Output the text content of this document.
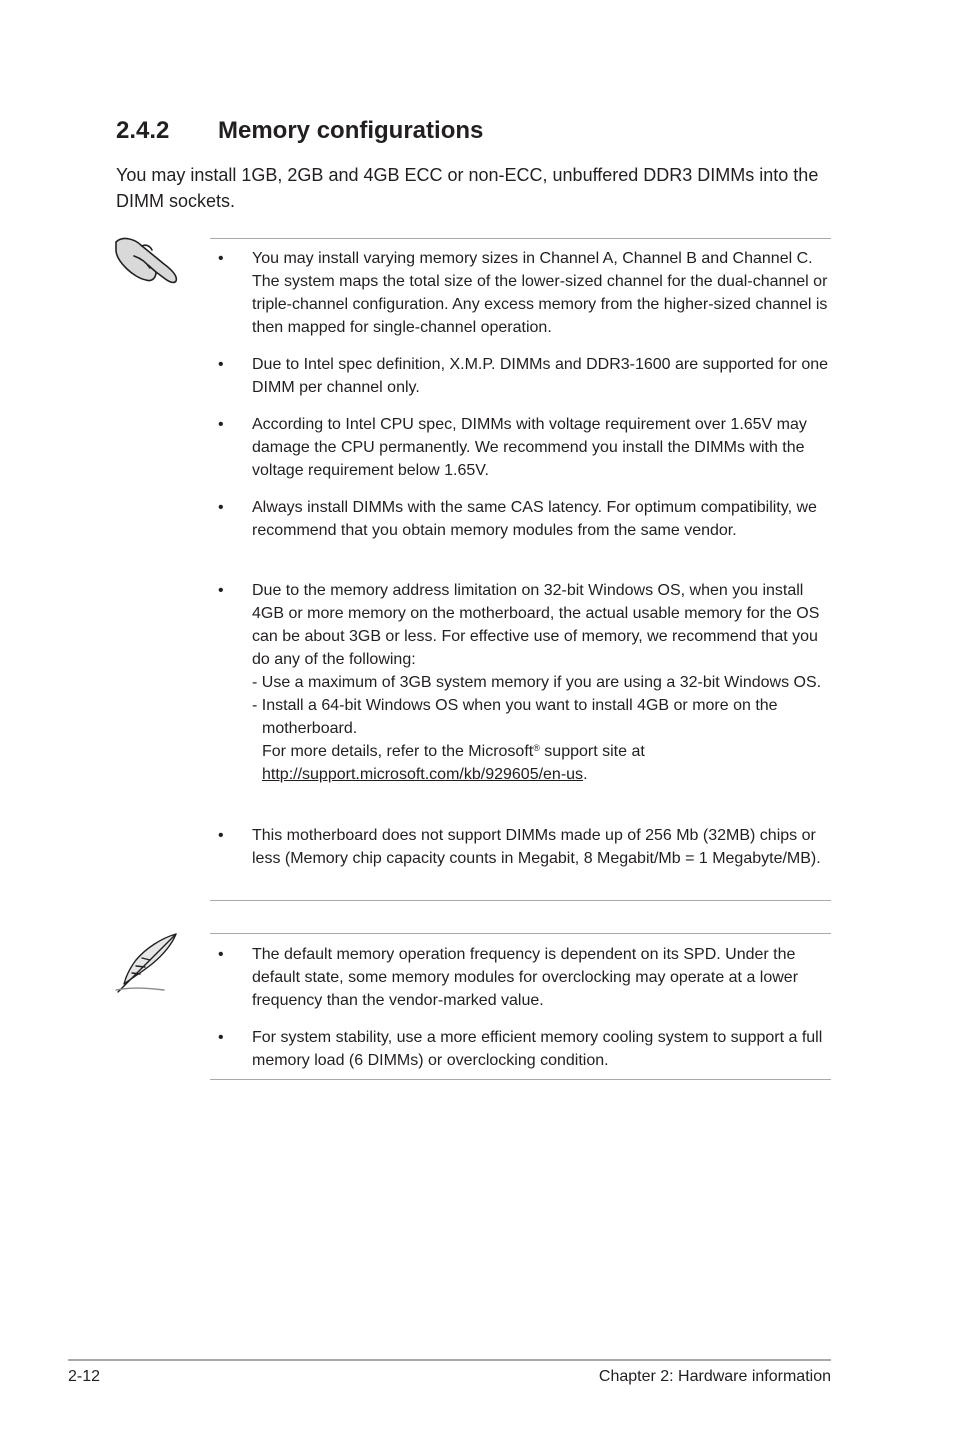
2.4.2 Memory configurations

You may install 1GB, 2GB and 4GB ECC or non-ECC, unbuffered DDR3 DIMMs into the DIMM sockets.

• You may install varying memory sizes in Channel A, Channel B and Channel C. The system maps the total size of the lower-sized channel for the dual-channel or triple-channel configuration. Any excess memory from the higher-sized channel is then mapped for single-channel operation.
• Due to Intel spec definition, X.M.P. DIMMs and DDR3-1600 are supported for one DIMM per channel only.
• According to Intel CPU spec, DIMMs with voltage requirement over 1.65V may damage the CPU permanently. We recommend you install the DIMMs with the voltage requirement below 1.65V.
• Always install DIMMs with the same CAS latency. For optimum compatibility, we recommend that you obtain memory modules from the same vendor.
• Due to the memory address limitation on 32-bit Windows OS, when you install 4GB or more memory on the motherboard, the actual usable memory for the OS can be about 3GB or less. For effective use of memory, we recommend that you do any of the following:
- Use a maximum of 3GB system memory if you are using a 32-bit Windows OS.
- Install a 64-bit Windows OS when you want to install 4GB or more on the motherboard.
For more details, refer to the Microsoft® support site at
http://support.microsoft.com/kb/929605/en-us.
• This motherboard does not support DIMMs made up of 256 Mb (32MB) chips or less (Memory chip capacity counts in Megabit, 8 Megabit/Mb = 1 Megabyte/MB).
• The default memory operation frequency is dependent on its SPD. Under the default state, some memory modules for overclocking may operate at a lower frequency than the vendor-marked value.
• For system stability, use a more efficient memory cooling system to support a full memory load (6 DIMMs) or overclocking condition.
2-12	Chapter 2: Hardware information
